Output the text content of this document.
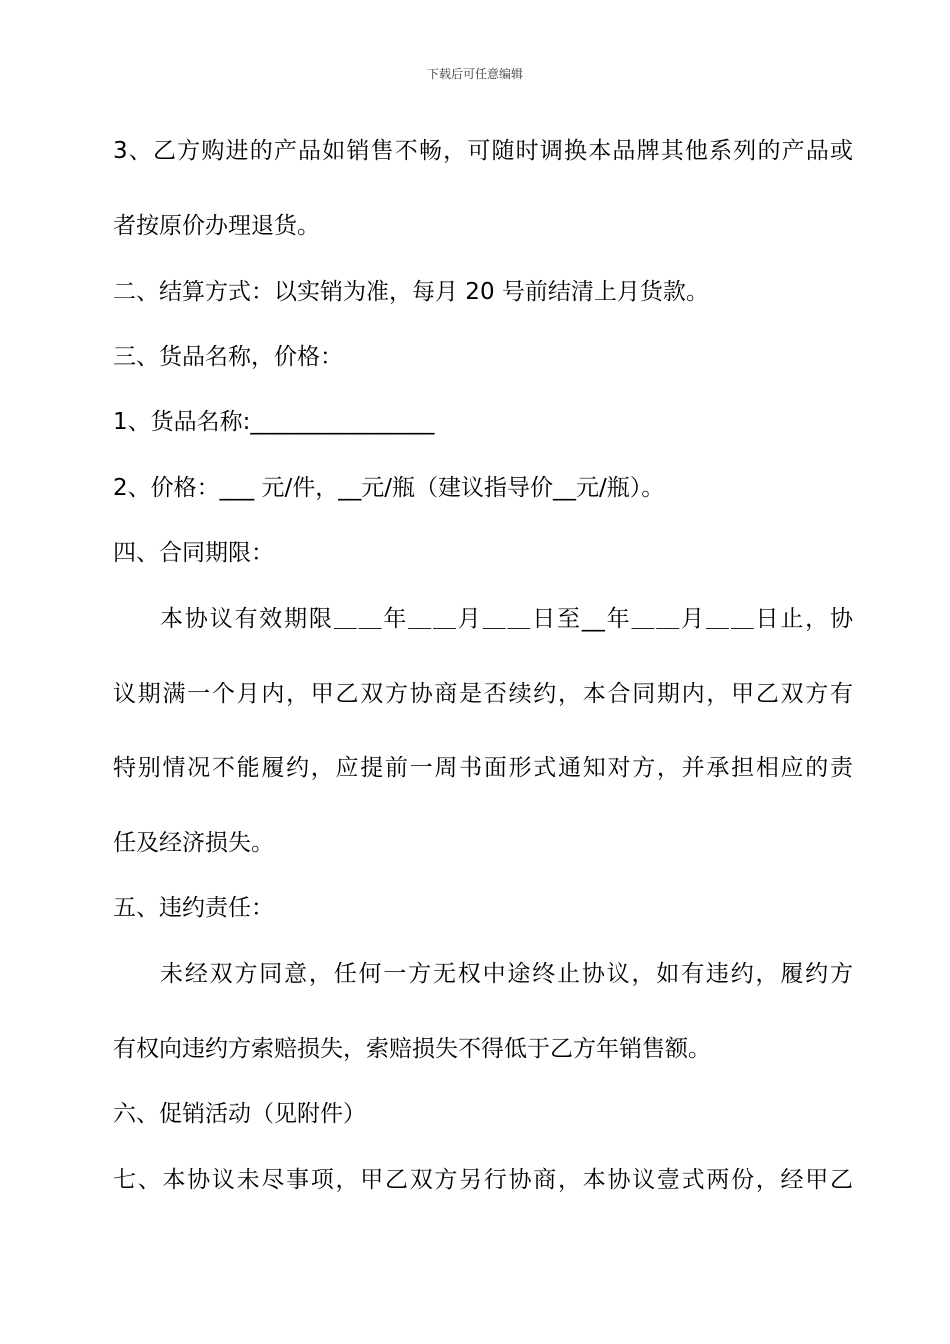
下载后可任意编辑
3、乙方购进的产品如销售不畅，可随时调换本品牌其他系列的产品或
者按原价办理退货。
二、结算方式：以实销为准，每月 20 号前结清上月货款。
三、货品名称，价格：
1、货品名称:________________
2、价格：___ 元/件，__元/瓶（建议指导价__元/瓶）。
四、合同期限：
本协议有效期限＿＿年＿＿月＿＿日至__年＿＿月＿＿日止，协
议期满一个月内，甲乙双方协商是否续约，本合同期内，甲乙双方有
特别情况不能履约，应提前一周书面形式通知对方，并承担相应的责
任及经济损失。
五、违约责任：
未经双方同意，任何一方无权中途终止协议，如有违约，履约方
有权向违约方索赔损失，索赔损失不得低于乙方年销售额。
六、促销活动（见附件）
七、本协议未尽事项，甲乙双方另行协商，本协议壹式两份，经甲乙
